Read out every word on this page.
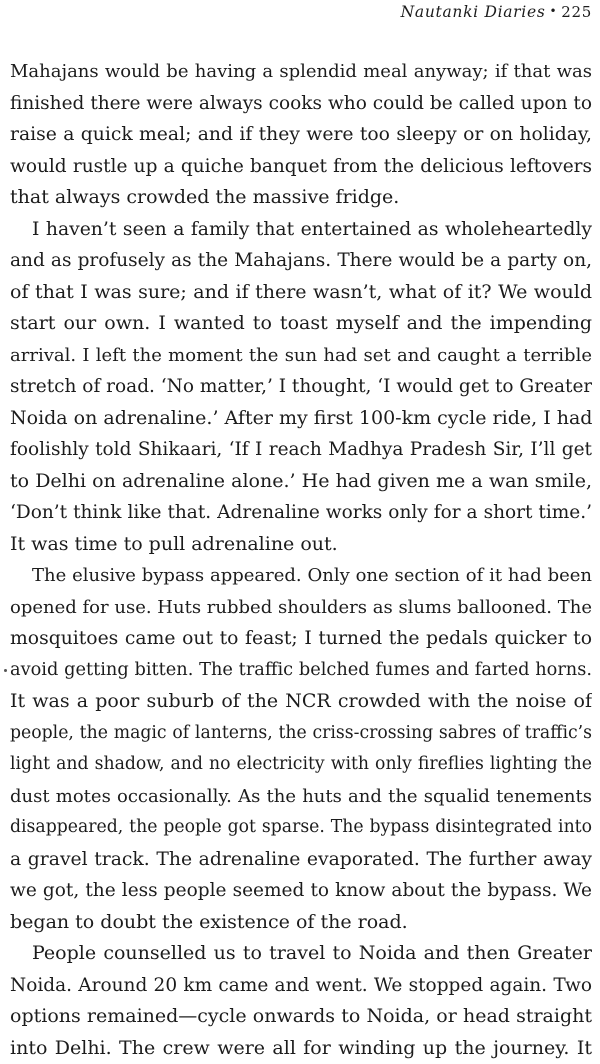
Nautanki Diaries • 225
Mahajans would be having a splendid meal anyway; if that was
finished there were always cooks who could be called upon to
raise a quick meal; and if they were too sleepy or on holiday,
would rustle up a quiche banquet from the delicious leftovers
that always crowded the massive fridge.
I haven’t seen a family that entertained as wholeheartedly
and as profusely as the Mahajans. There would be a party on,
of that I was sure; and if there wasn’t, what of it? We would
start our own. I wanted to toast myself and the impending
arrival. I left the moment the sun had set and caught a terrible
stretch of road. ‘No matter,’ I thought, ‘I would get to Greater
Noida on adrenaline.’ After my first 100-km cycle ride, I had
foolishly told Shikaari, ‘If I reach Madhya Pradesh Sir, I’ll get
to Delhi on adrenaline alone.’ He had given me a wan smile,
‘Don’t think like that. Adrenaline works only for a short time.’
It was time to pull adrenaline out.
The elusive bypass appeared. Only one section of it had been
opened for use. Huts rubbed shoulders as slums ballooned. The
mosquitoes came out to feast; I turned the pedals quicker to
avoid getting bitten. The traffic belched fumes and farted horns.
It was a poor suburb of the NCR crowded with the noise of
people, the magic of lanterns, the criss-crossing sabres of traffic’s
light and shadow, and no electricity with only fireflies lighting the
dust motes occasionally. As the huts and the squalid tenements
disappeared, the people got sparse. The bypass disintegrated into
a gravel track. The adrenaline evaporated. The further away
we got, the less people seemed to know about the bypass. We
began to doubt the existence of the road.
People counselled us to travel to Noida and then Greater
Noida. Around 20 km came and went. We stopped again. Two
options remained—cycle onwards to Noida, or head straight
into Delhi. The crew were all for winding up the journey. It
